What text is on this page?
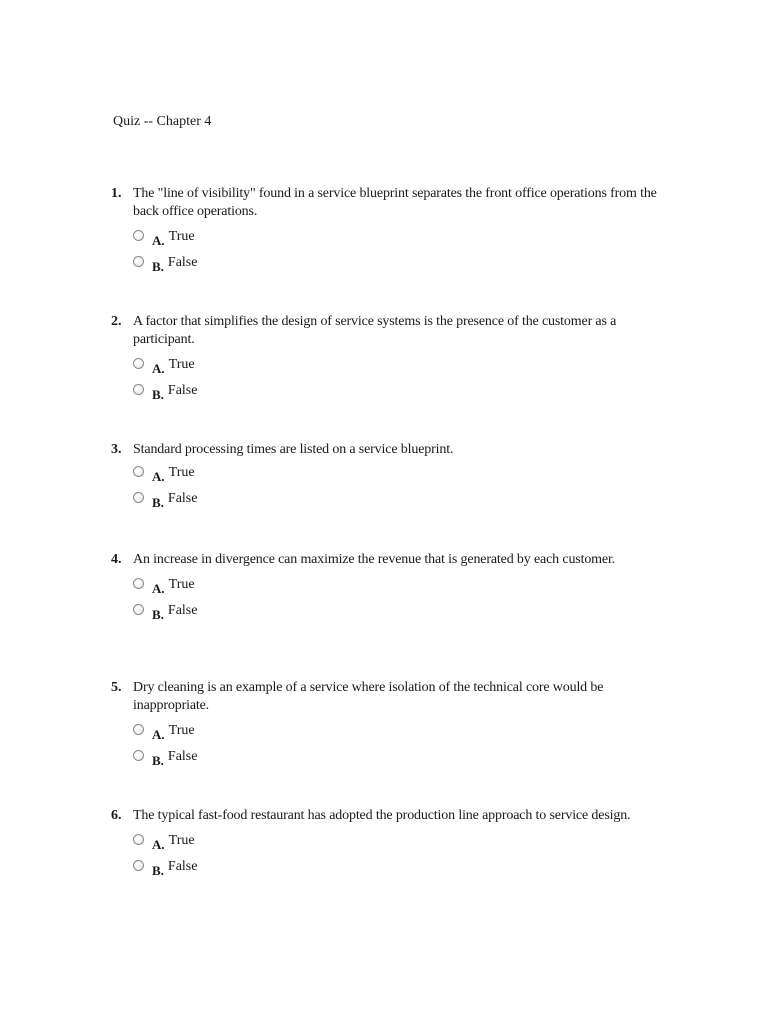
Quiz -- Chapter 4
1. The "line of visibility" found in a service blueprint separates the front office operations from the back office operations.
A. True
B. False
2. A factor that simplifies the design of service systems is the presence of the customer as a participant.
A. True
B. False
3. Standard processing times are listed on a service blueprint.
A. True
B. False
4. An increase in divergence can maximize the revenue that is generated by each customer.
A. True
B. False
5. Dry cleaning is an example of a service where isolation of the technical core would be inappropriate.
A. True
B. False
6. The typical fast-food restaurant has adopted the production line approach to service design.
A. True
B. False
